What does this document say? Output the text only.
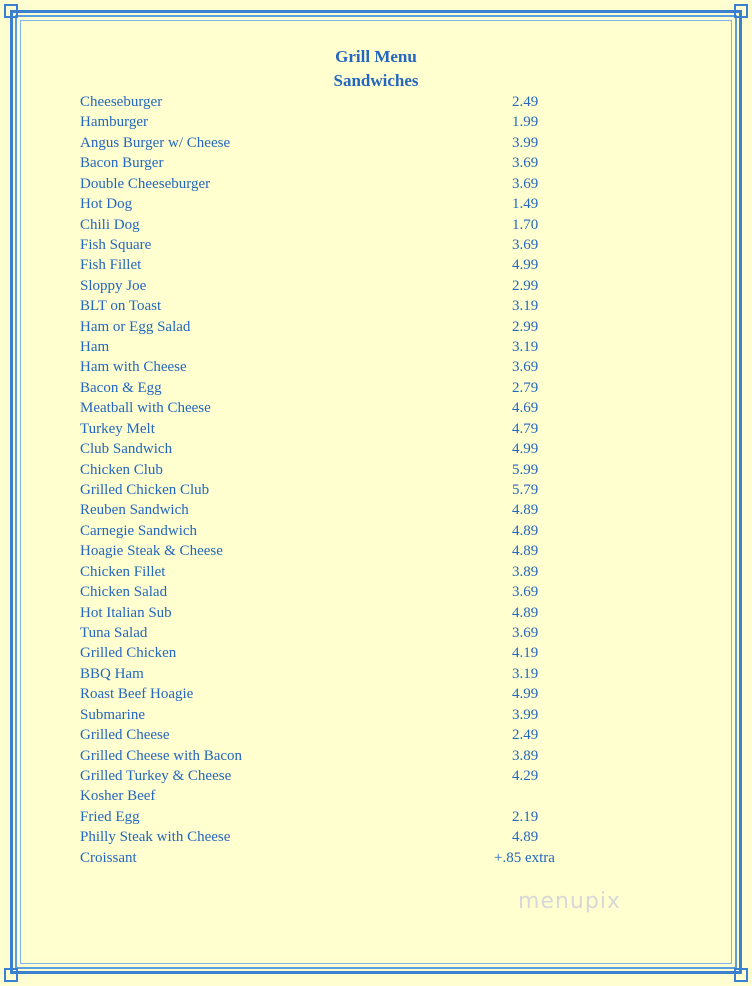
Grill Menu
Sandwiches
Cheeseburger	2.49
Hamburger	1.99
Angus Burger w/ Cheese	3.99
Bacon Burger	3.69
Double Cheeseburger	3.69
Hot Dog	1.49
Chili Dog	1.70
Fish Square	3.69
Fish Fillet	4.99
Sloppy Joe	2.99
BLT on Toast	3.19
Ham or Egg Salad	2.99
Ham	3.19
Ham with Cheese	3.69
Bacon & Egg	2.79
Meatball with Cheese	4.69
Turkey Melt	4.79
Club Sandwich	4.99
Chicken Club	5.99
Grilled Chicken Club	5.79
Reuben Sandwich	4.89
Carnegie Sandwich	4.89
Hoagie Steak & Cheese	4.89
Chicken Fillet	3.89
Chicken Salad	3.69
Hot Italian Sub	4.89
Tuna Salad	3.69
Grilled Chicken	4.19
BBQ Ham	3.19
Roast Beef Hoagie	4.99
Submarine	3.99
Grilled Cheese	2.49
Grilled Cheese with Bacon	3.89
Grilled Turkey & Cheese	4.29
Kosher Beef
Fried Egg	2.19
Philly Steak with Cheese	4.89
Croissant	+.85 extra
menupix
